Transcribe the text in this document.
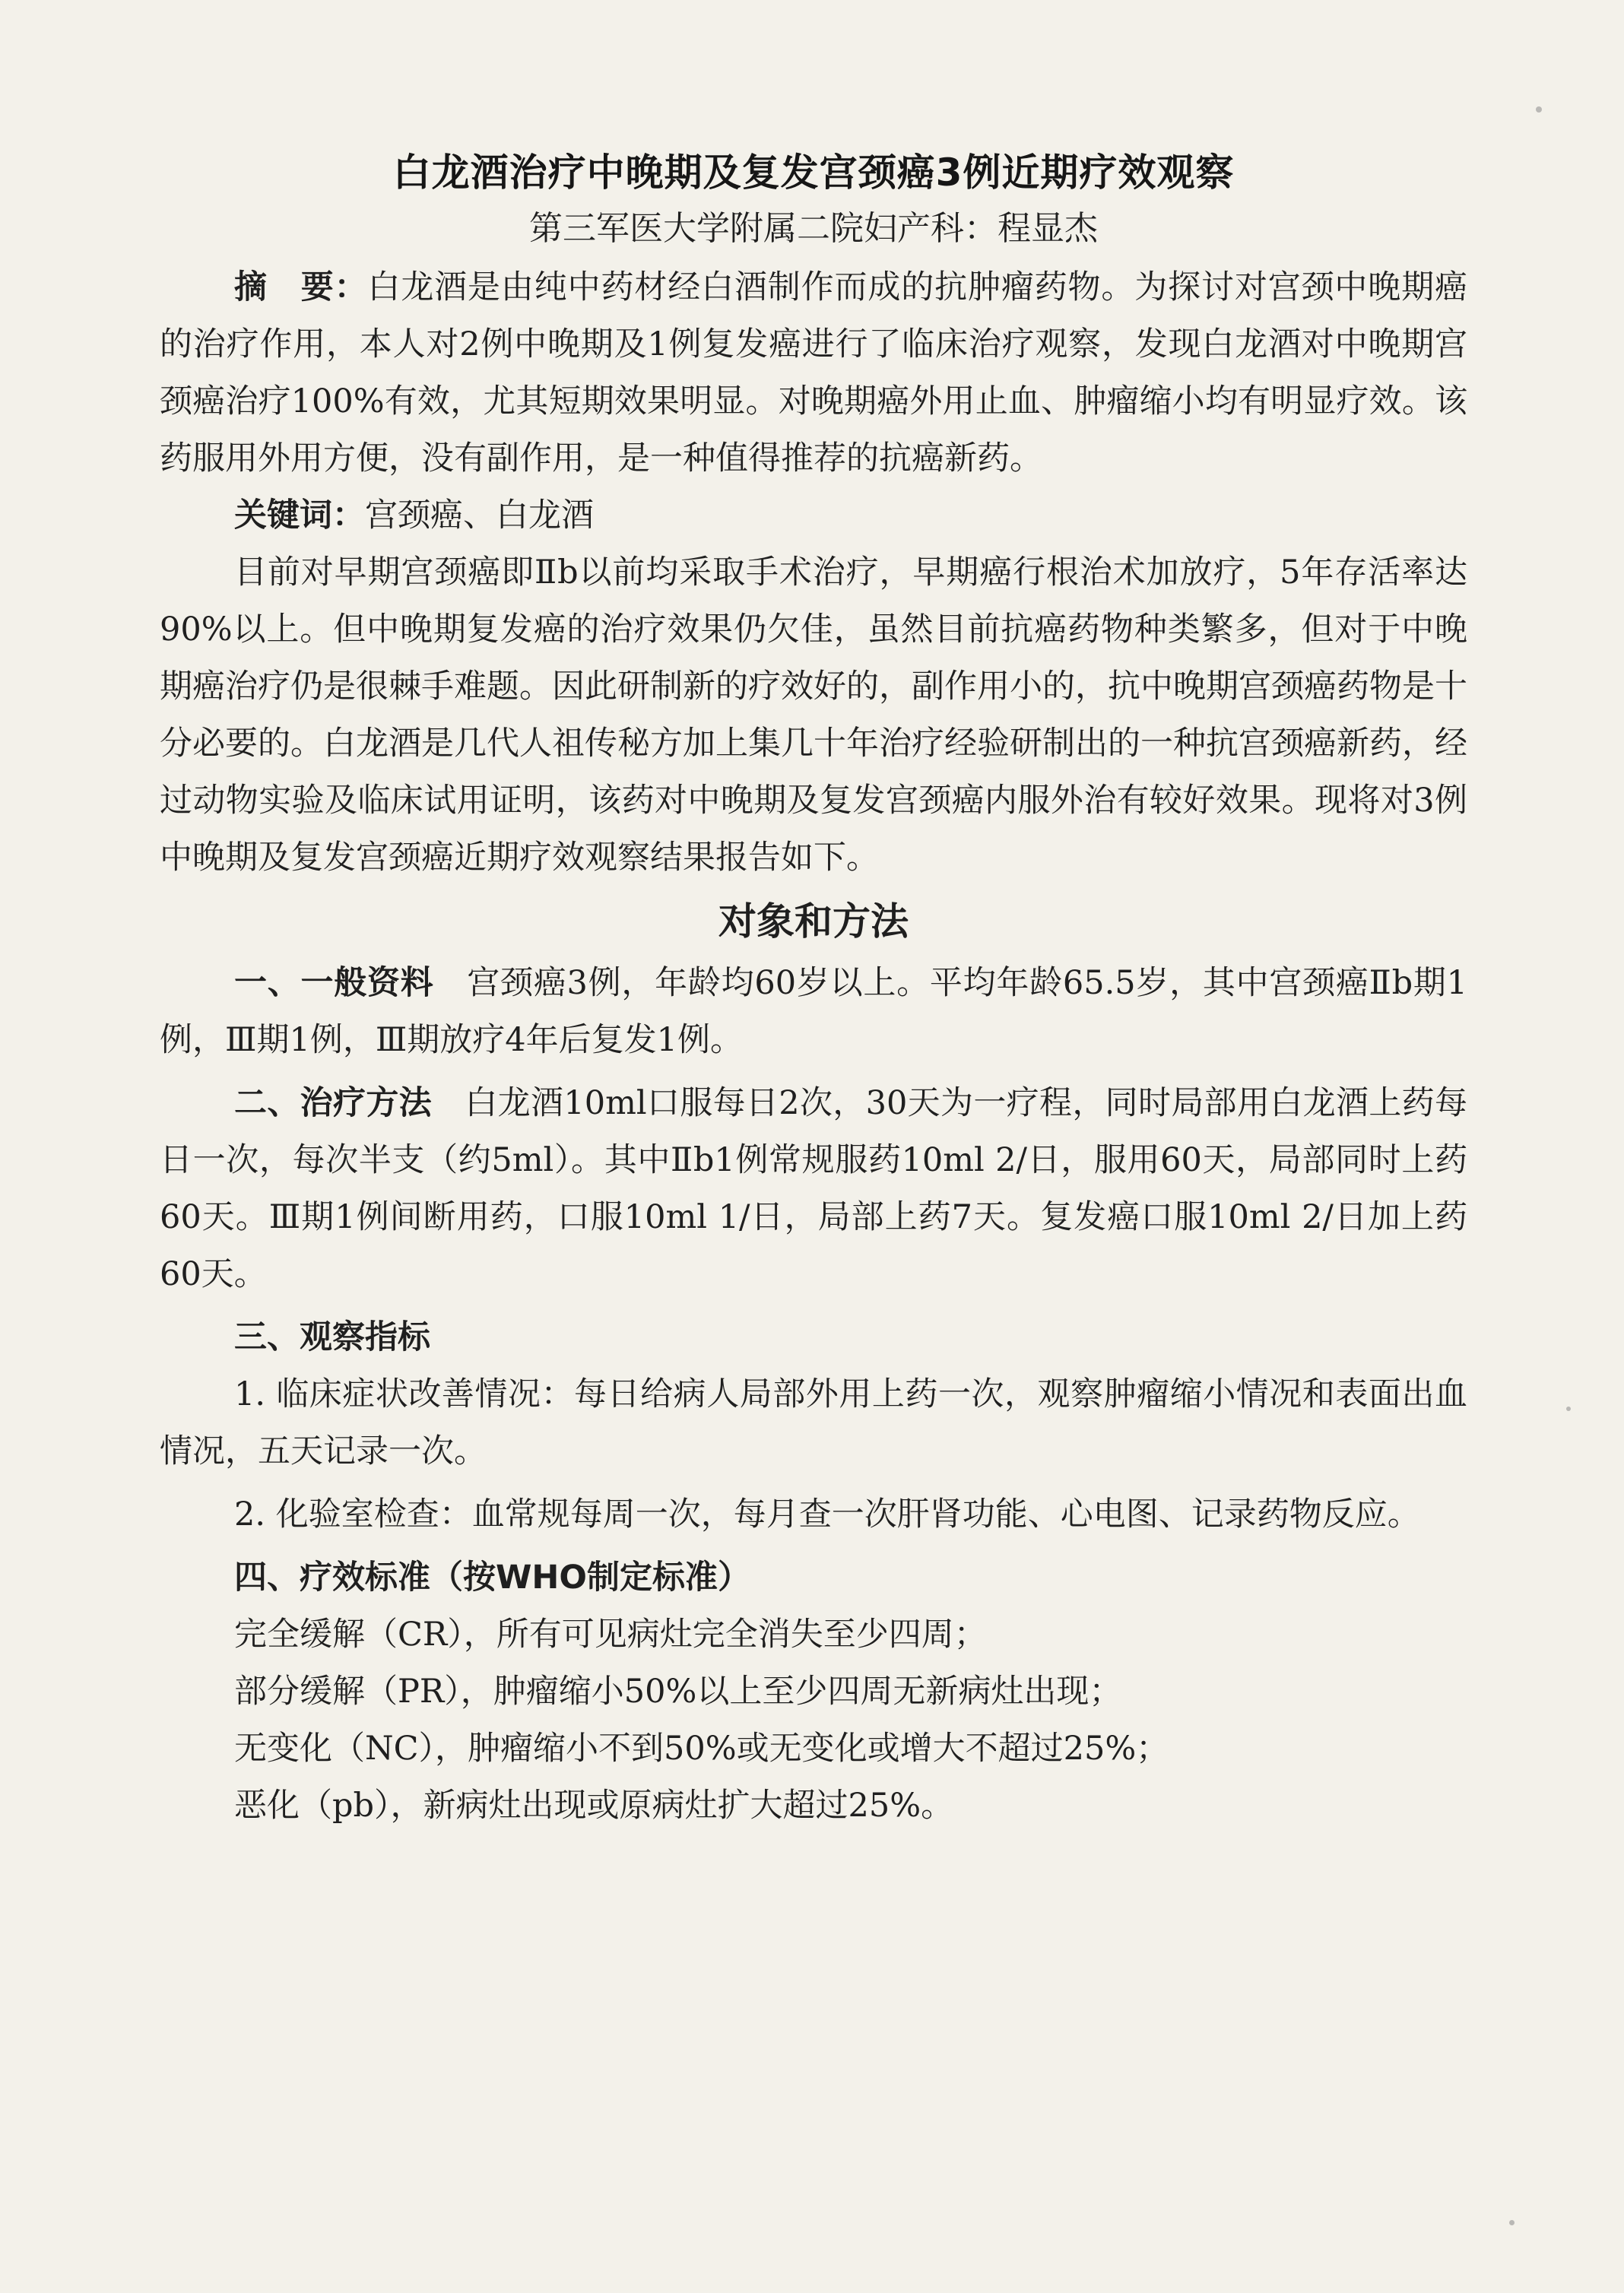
白龙酒治疗中晚期及复发宫颈癌3例近期疗效观察
第三军医大学附属二院妇产科：程显杰

摘　要：白龙酒是由纯中药材经白酒制作而成的抗肿瘤药物。为探讨对宫颈中晚期癌的治疗作用，本人对2例中晚期及1例复发癌进行了临床治疗观察，发现白龙酒对中晚期宫颈癌治疗100%有效，尤其短期效果明显。对晚期癌外用止血、肿瘤缩小均有明显疗效。该药服用外用方便，没有副作用，是一种值得推荐的抗癌新药。

关键词：宫颈癌、白龙酒

目前对早期宫颈癌即Ⅱb以前均采取手术治疗，早期癌行根治术加放疗，5年存活率达90%以上。但中晚期复发癌的治疗效果仍欠佳，虽然目前抗癌药物种类繁多，但对于中晚期癌治疗仍是很棘手难题。因此研制新的疗效好的，副作用小的，抗中晚期宫颈癌药物是十分必要的。白龙酒是几代人祖传秘方加上集几十年治疗经验研制出的一种抗宫颈癌新药，经过动物实验及临床试用证明，该药对中晚期及复发宫颈癌内服外治有较好效果。现将对3例中晚期及复发宫颈癌近期疗效观察结果报告如下。

对象和方法

一、一般资料　宫颈癌3例，年龄均60岁以上。平均年龄65.5岁，其中宫颈癌Ⅱb期1例，Ⅲ期1例，Ⅲ期放疗4年后复发1例。

二、治疗方法　白龙酒10ml口服每日2次，30天为一疗程，同时局部用白龙酒上药每日一次，每次半支（约5ml）。其中Ⅱb1例常规服药10ml 2/日，服用60天，局部同时上药60天。Ⅲ期1例间断用药，口服10ml 1/日，局部上药7天。复发癌口服10ml 2/日加上药60天。

三、观察指标

1. 临床症状改善情况：每日给病人局部外用上药一次，观察肿瘤缩小情况和表面出血情况，五天记录一次。

2. 化验室检查：血常规每周一次，每月查一次肝肾功能、心电图、记录药物反应。

四、疗效标准（按WHO制定标准）
完全缓解（CR），所有可见病灶完全消失至少四周；
部分缓解（PR），肿瘤缩小50%以上至少四周无新病灶出现；
无变化（NC），肿瘤缩小不到50%或无变化或增大不超过25%；
恶化（pb），新病灶出现或原病灶扩大超过25%。
